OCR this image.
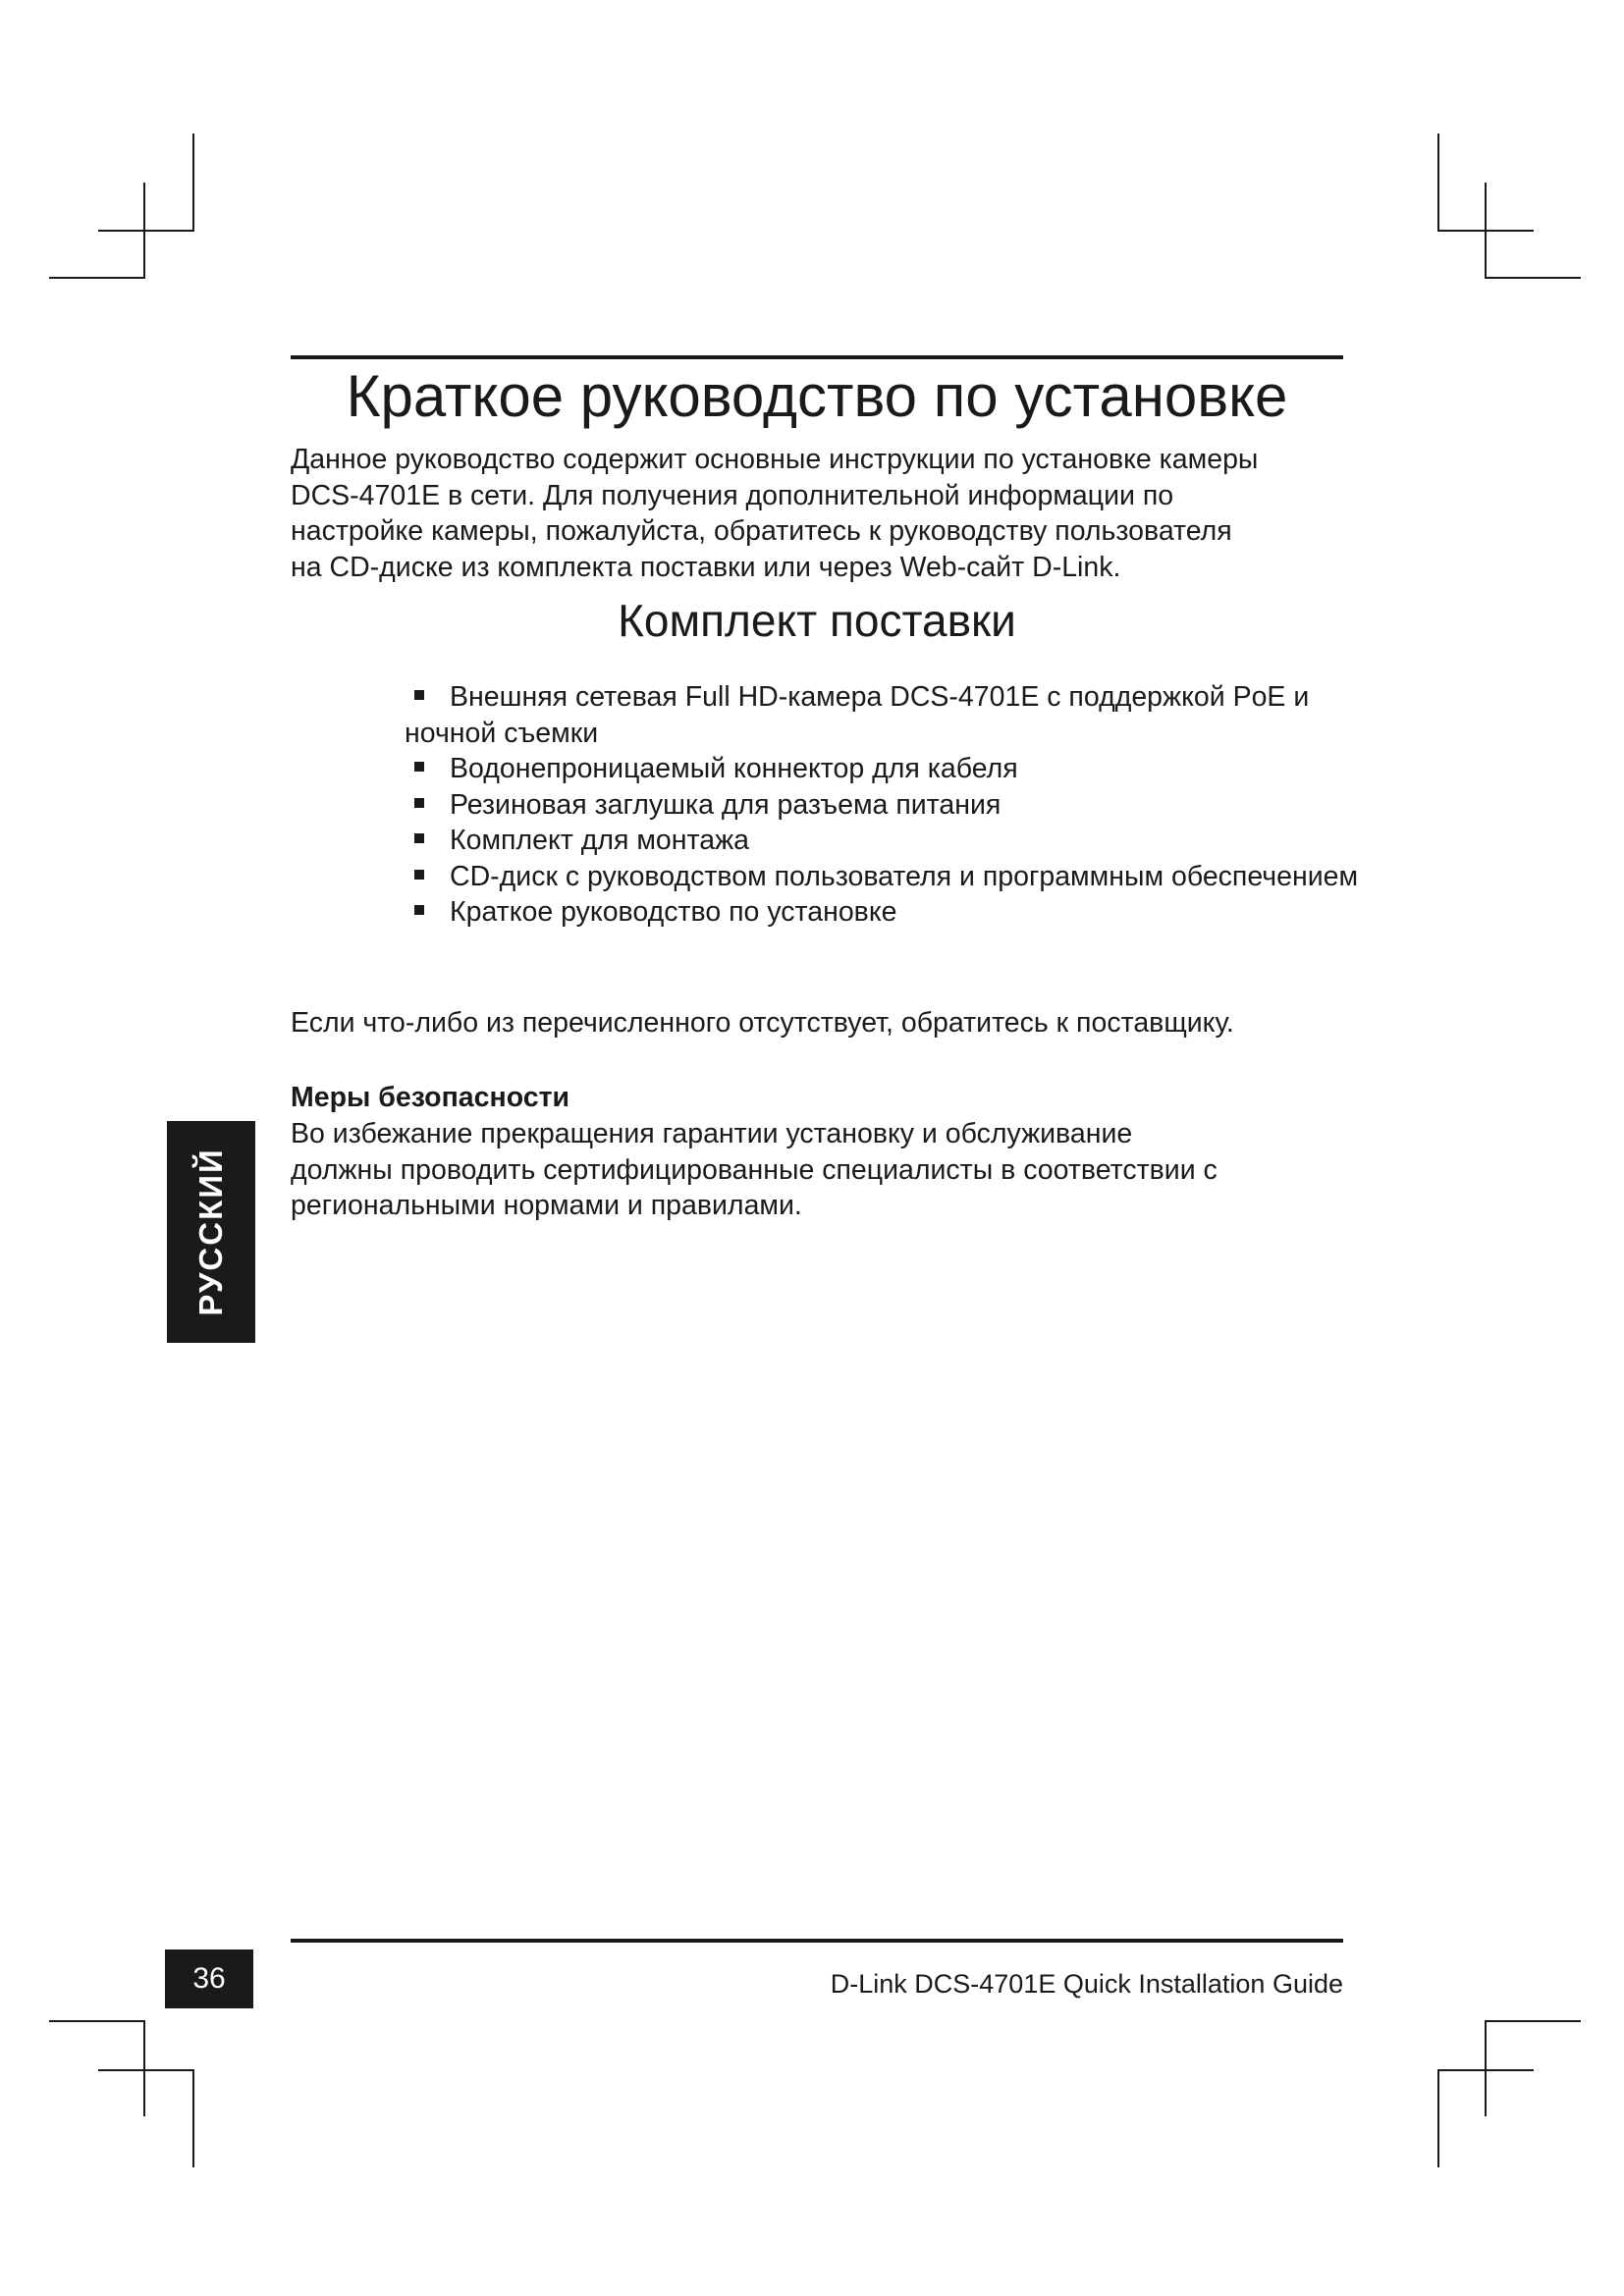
Краткое руководство по установке

Данное руководство содержит основные инструкции по установке камеры
DCS-4701E в сети. Для получения дополнительной информации по
настройке камеры, пожалуйста, обратитесь к руководству пользователя
на CD-диске из комплекта поставки или через Web-сайт D-Link.

Комплект поставки
Внешняя сетевая Full HD-камера DCS-4701E с поддержкой PoE и ночной съемки
Водонепроницаемый коннектор для кабеля
Резиновая заглушка для разъема питания
Комплект для монтажа
CD-диск с руководством пользователя и программным обеспечением
Краткое руководство по установке

Если что-либо из перечисленного отсутствует, обратитесь к поставщику.

Меры безопасности

Во избежание прекращения гарантии установку и обслуживание
должны проводить сертифицированные специалисты в соответствии с
региональными нормами и правилами.

РУССКИЙ
36	D-Link DCS-4701E Quick Installation Guide
